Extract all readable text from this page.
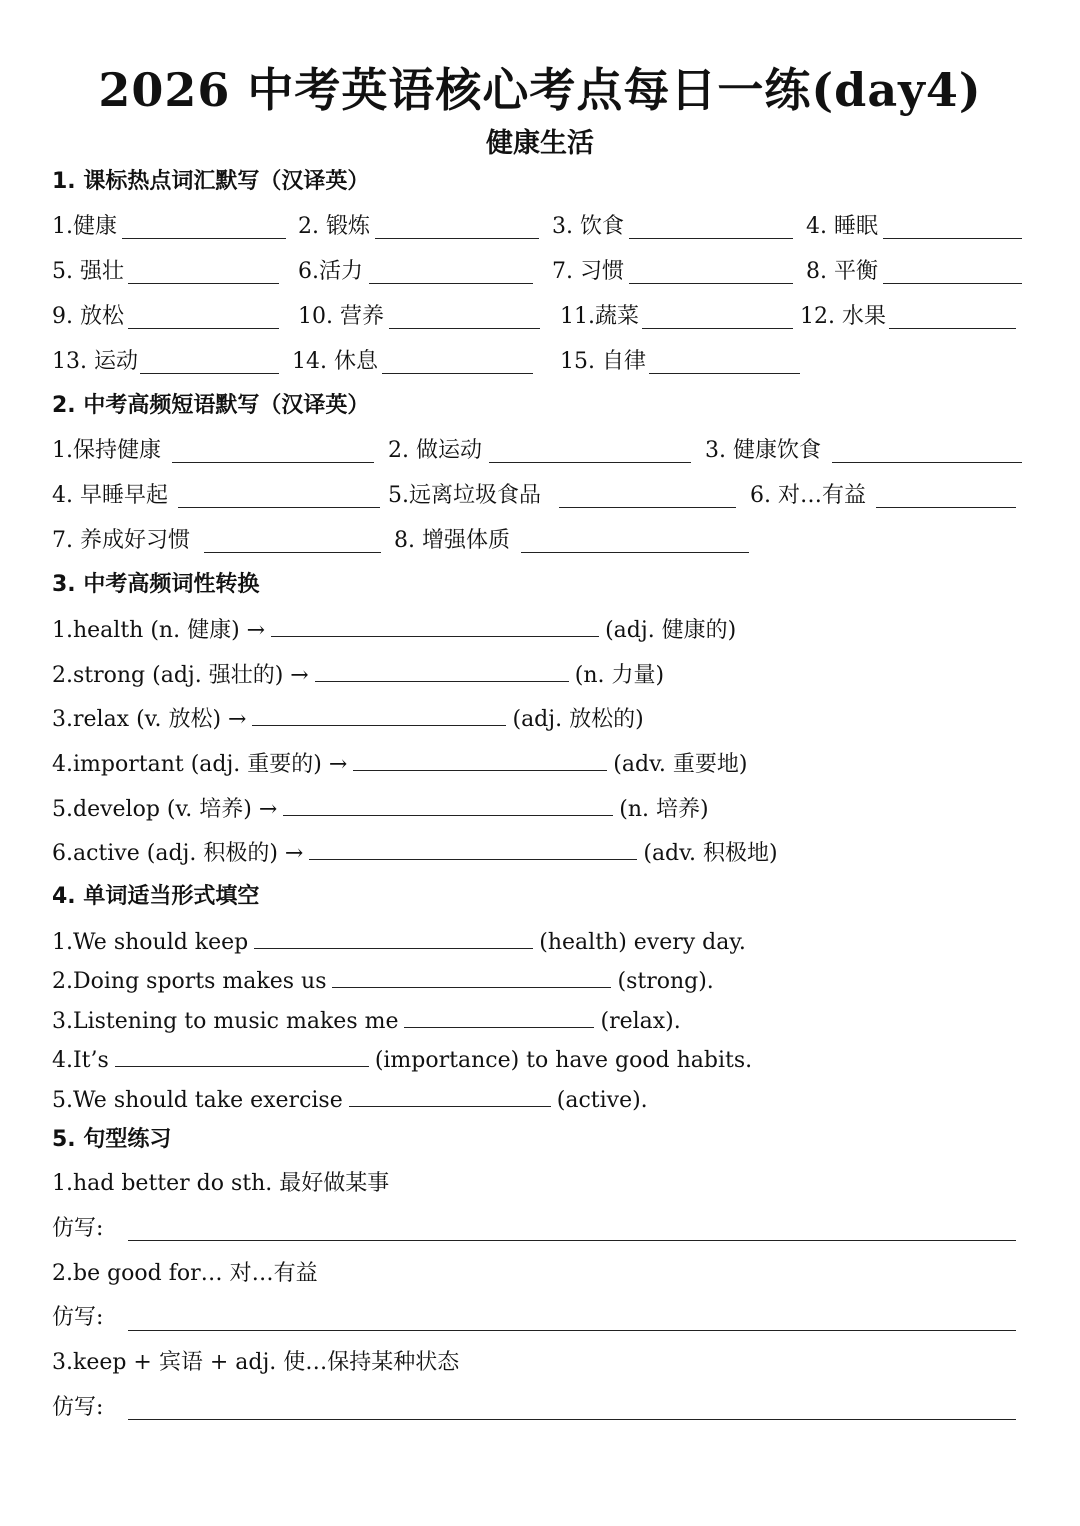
2026 中考英语核心考点每日一练(day4)
健康生活
1. 课标热点词汇默写（汉译英）
1.健康	2. 锻炼	3. 饮食	4. 睡眠
5. 强壮	6.活力	7. 习惯	8. 平衡
9. 放松	10. 营养	11.蔬菜	12. 水果
13. 运动	14. 休息	15. 自律
2. 中考高频短语默写（汉译英）
1.保持健康	2. 做运动	3. 健康饮食
4. 早睡早起	5.远离垃圾食品	6. 对…有益
7. 养成好习惯	8. 增强体质
3. 中考高频词性转换
1.health (n. 健康) →	(adj. 健康的)
2.strong (adj. 强壮的) →	(n. 力量)
3.relax (v. 放松) →	(adj. 放松的)
4.important (adj. 重要的) →	(adv. 重要地)
5.develop (v. 培养) →	(n. 培养)
6.active (adj. 积极的) →	(adv. 积极地)
4. 单词适当形式填空
1.We should keep	(health) every day.
2.Doing sports makes us	(strong).
3.Listening to music makes me	(relax).
4.It’s	(importance) to have good habits.
5.We should take exercise	(active).
5. 句型练习
1.had better do sth. 最好做某事
仿写:
2.be good for… 对…有益
仿写:
3.keep + 宾语 + adj. 使…保持某种状态
仿写:
